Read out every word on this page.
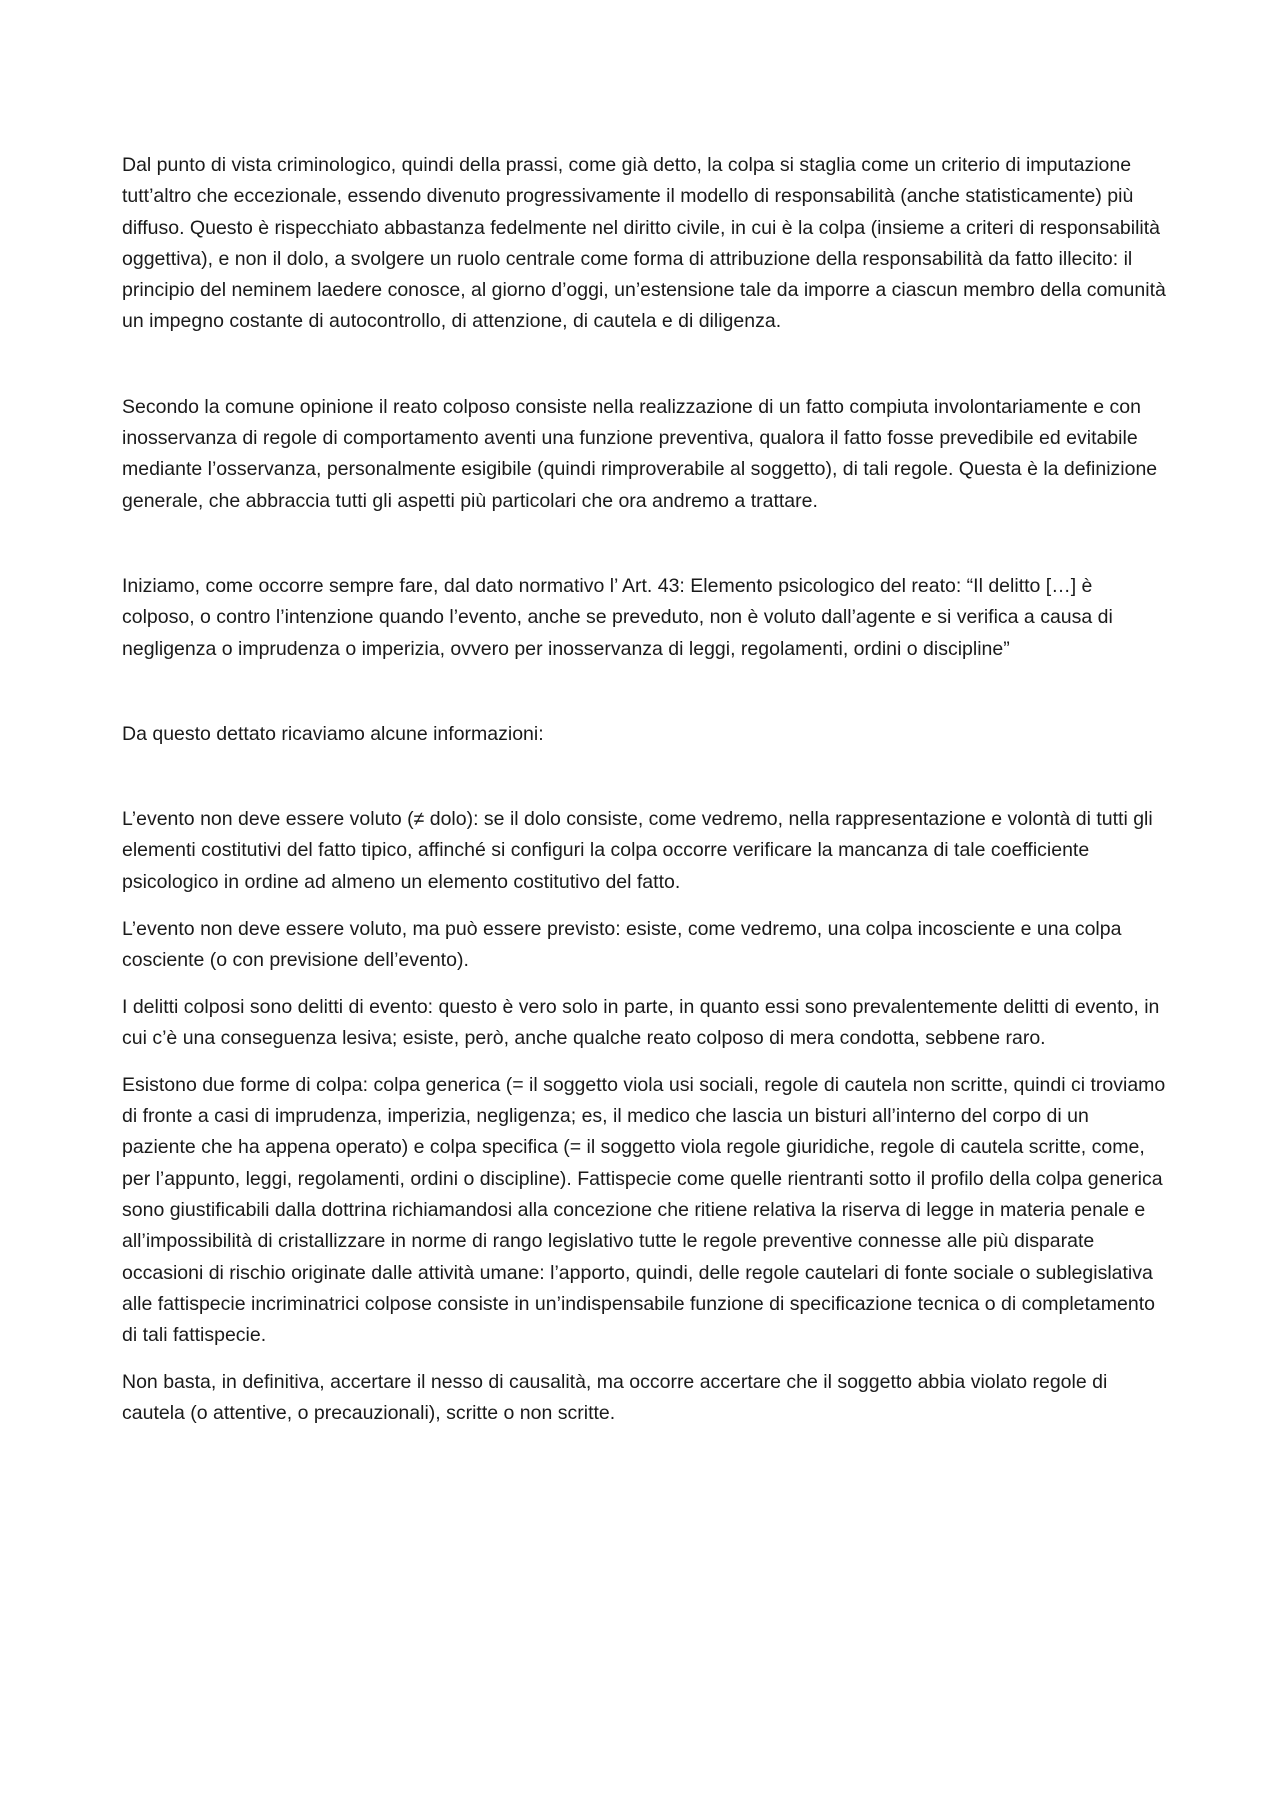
Dal punto di vista criminologico, quindi della prassi, come già detto, la colpa si staglia come un criterio di imputazione tutt’altro che eccezionale, essendo divenuto progressivamente il modello di responsabilità (anche statisticamente) più diffuso. Questo è rispecchiato abbastanza fedelmente nel diritto civile, in cui è la colpa (insieme a criteri di responsabilità oggettiva), e non il dolo, a svolgere un ruolo centrale come forma di attribuzione della responsabilità da fatto illecito: il principio del neminem laedere conosce, al giorno d’oggi, un’estensione tale da imporre a ciascun membro della comunità un impegno costante di autocontrollo, di attenzione, di cautela e di diligenza.

Secondo la comune opinione il reato colposo consiste nella realizzazione di un fatto compiuta involontariamente e con inosservanza di regole di comportamento aventi una funzione preventiva, qualora il fatto fosse prevedibile ed evitabile mediante l’osservanza, personalmente esigibile (quindi rimproverabile al soggetto), di tali regole. Questa è la definizione generale, che abbraccia tutti gli aspetti più particolari che ora andremo a trattare.

Iniziamo, come occorre sempre fare, dal dato normativo l’ Art. 43: Elemento psicologico del reato: “Il delitto […] è colposo, o contro l’intenzione quando l’evento, anche se preveduto, non è voluto dall’agente e si verifica a causa di negligenza o imprudenza o imperizia, ovvero per inosservanza di leggi, regolamenti, ordini o discipline”

Da questo dettato ricaviamo alcune informazioni:

L’evento non deve essere voluto (≠ dolo): se il dolo consiste, come vedremo, nella rappresentazione e volontà di tutti gli elementi costitutivi del fatto tipico, affinché si configuri la colpa occorre verificare la mancanza di tale coefficiente psicologico in ordine ad almeno un elemento costitutivo del fatto.

L’evento non deve essere voluto, ma può essere previsto: esiste, come vedremo, una colpa incosciente e una colpa cosciente (o con previsione dell’evento).

I delitti colposi sono delitti di evento: questo è vero solo in parte, in quanto essi sono prevalentemente delitti di evento, in cui c’è una conseguenza lesiva; esiste, però, anche qualche reato colposo di mera condotta, sebbene raro.

Esistono due forme di colpa: colpa generica (= il soggetto viola usi sociali, regole di cautela non scritte, quindi ci troviamo di fronte a casi di imprudenza, imperizia, negligenza; es, il medico che lascia un bisturi all’interno del corpo di un paziente che ha appena operato) e colpa specifica (= il soggetto viola regole giuridiche, regole di cautela scritte, come, per l’appunto, leggi, regolamenti, ordini o discipline). Fattispecie come quelle rientranti sotto il profilo della colpa generica sono giustificabili dalla dottrina richiamandosi alla concezione che ritiene relativa la riserva di legge in materia penale e all’impossibilità di cristallizzare in norme di rango legislativo tutte le regole preventive connesse alle più disparate occasioni di rischio originate dalle attività umane: l’apporto, quindi, delle regole cautelari di fonte sociale o sublegislativa alle fattispecie incriminatrici colpose consiste in un’indispensabile funzione di specificazione tecnica o di completamento di tali fattispecie.

Non basta, in definitiva, accertare il nesso di causalità, ma occorre accertare che il soggetto abbia violato regole di cautela (o attentive, o precauzionali), scritte o non scritte.
